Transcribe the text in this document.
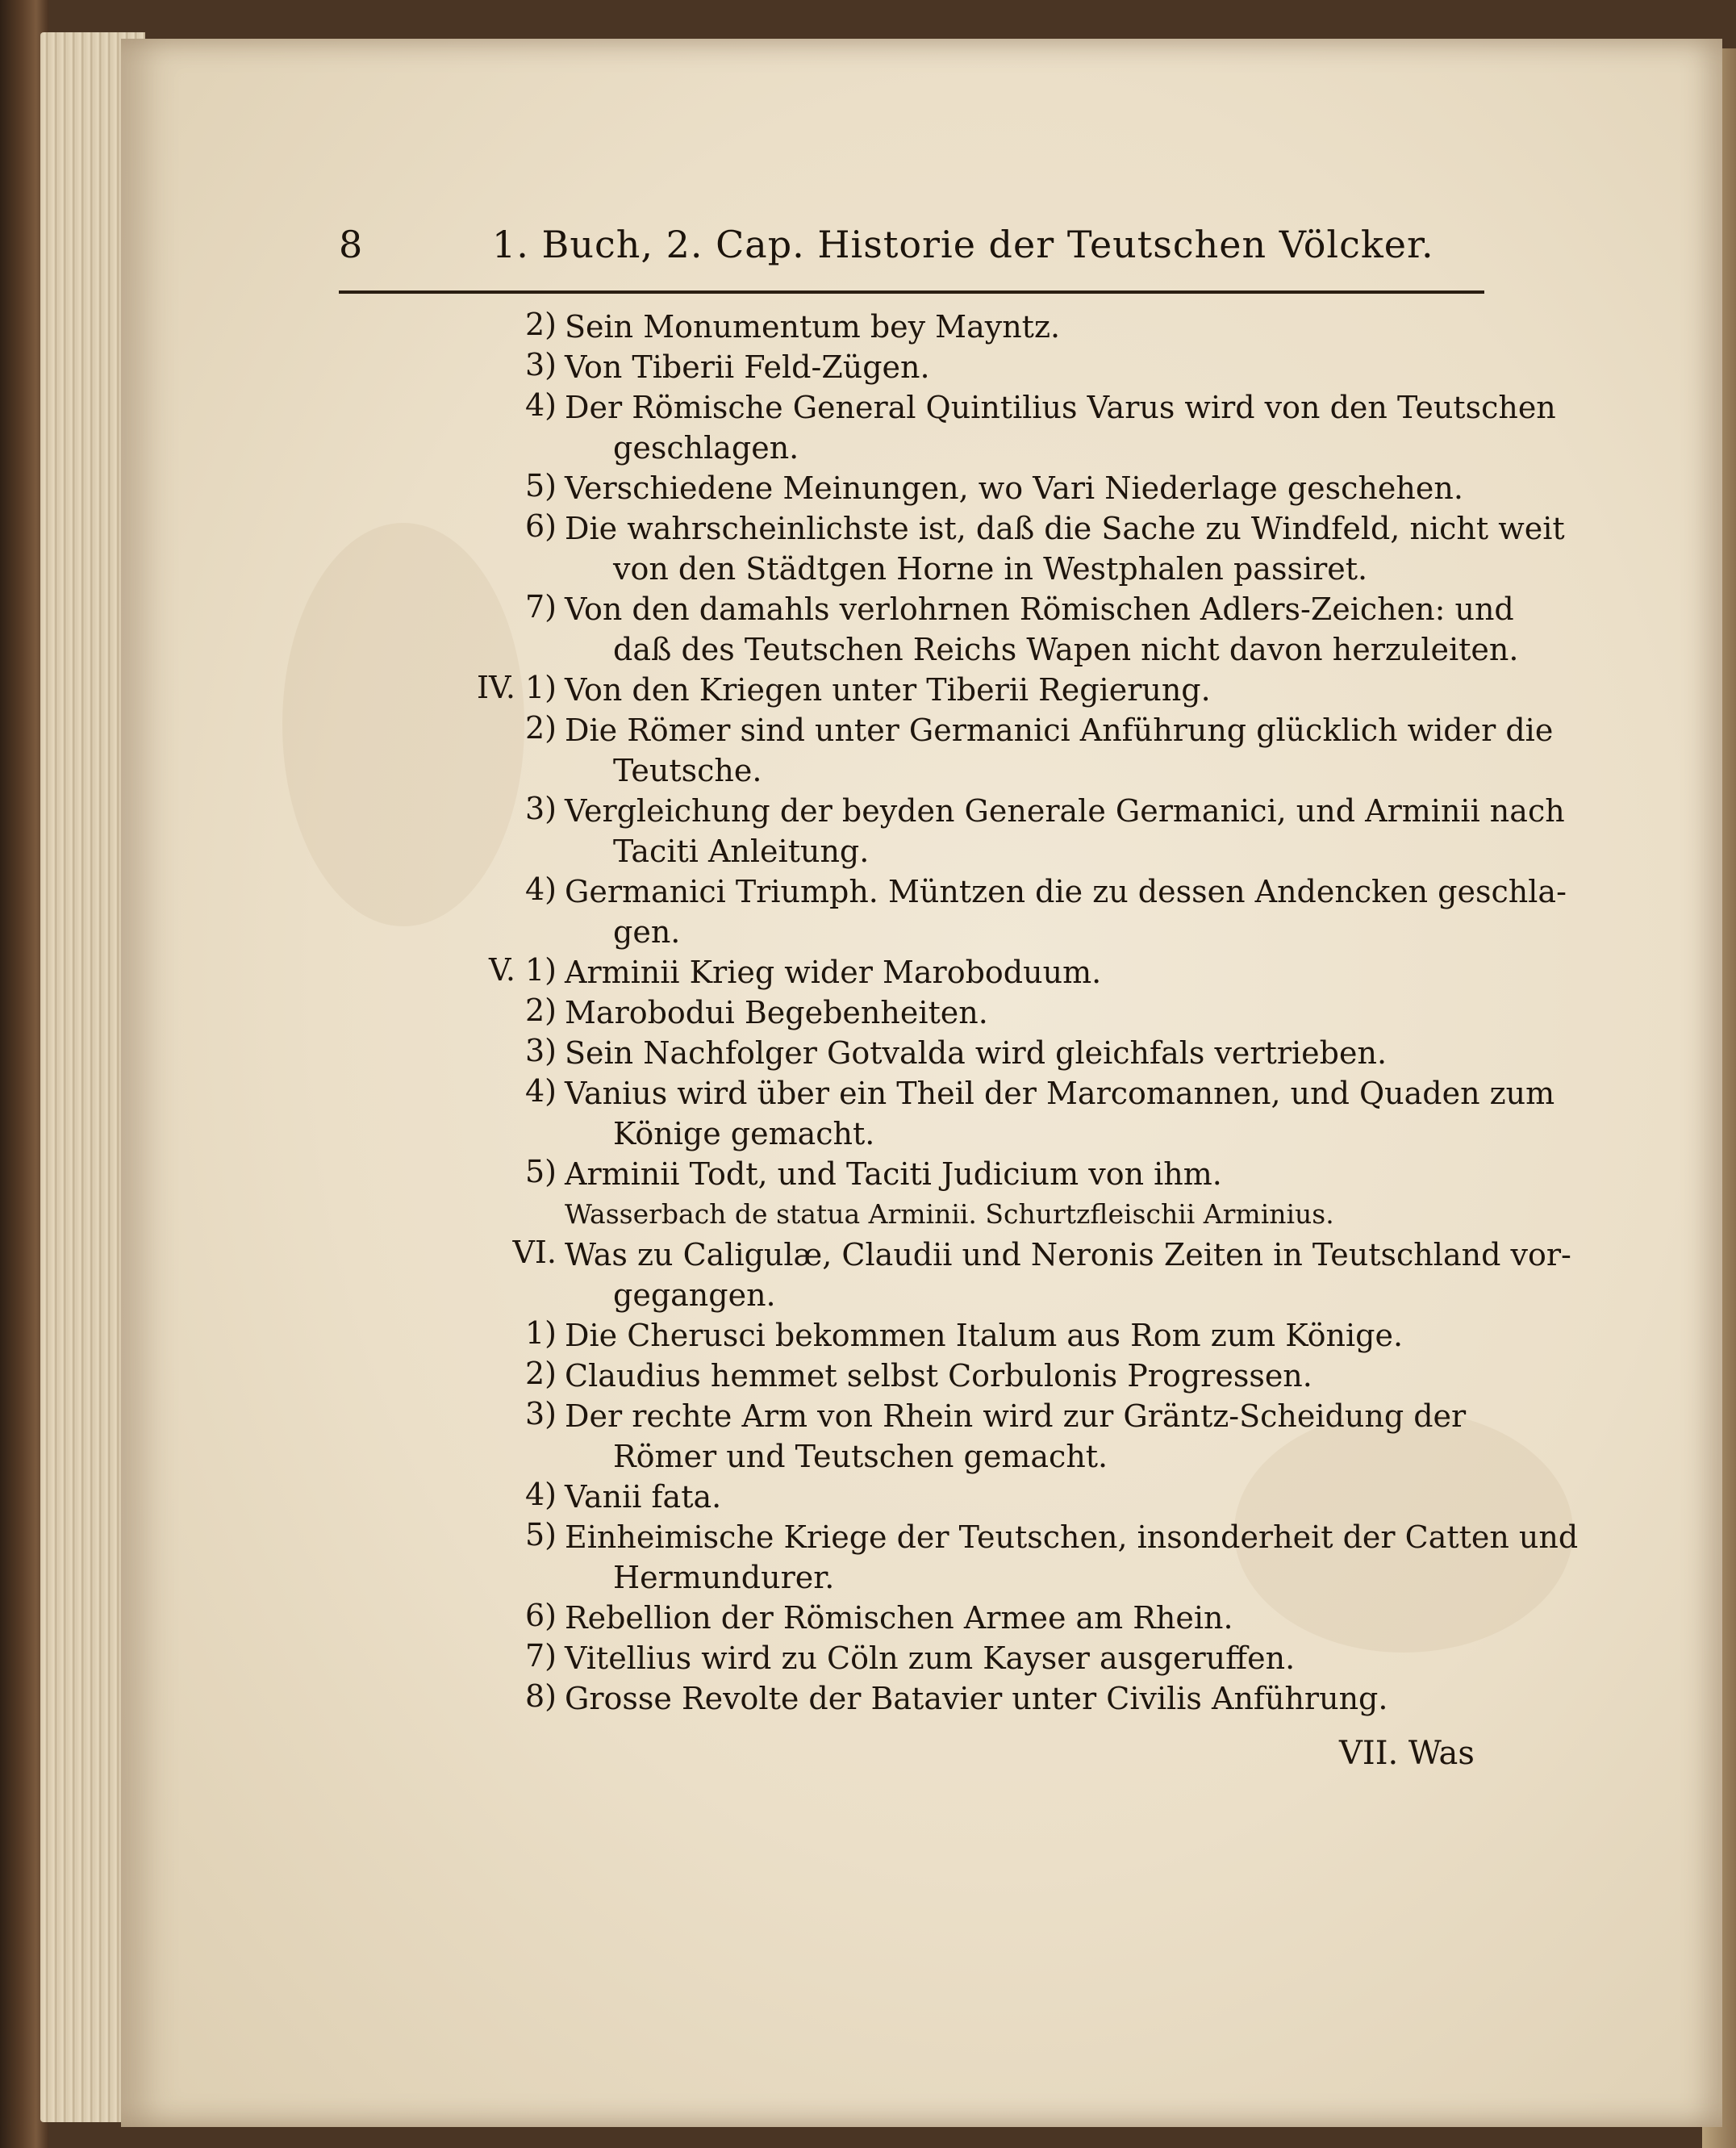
8	1. Buch, 2. Cap. Historie der Teutschen Völcker.
2) Sein Monumentum bey Mayntz.
3) Von Tiberii Feld-Zügen.
4) Der Römische General Quintilius Varus wird von den Teutschen
geschlagen.
5) Verschiedene Meinungen, wo Vari Niederlage geschehen.
6) Die wahrscheinlichste ist, daß die Sache zu Windfeld, nicht weit
von den Städtgen Horne in Westphalen passiret.
7) Von den damahls verlohrnen Römischen Adlers-Zeichen: und
daß des Teutschen Reichs Wapen nicht davon herzuleiten.
IV. 1) Von den Kriegen unter Tiberii Regierung.
2) Die Römer sind unter Germanici Anführung glücklich wider die
Teutsche.
3) Vergleichung der beyden Generale Germanici, und Arminii nach
Taciti Anleitung.
4) Germanici Triumph. Müntzen die zu dessen Andencken geschla-
gen.
V. 1) Arminii Krieg wider Maroboduum.
2) Marobodui Begebenheiten.
3) Sein Nachfolger Gotvalda wird gleichfals vertrieben.
4) Vanius wird über ein Theil der Marcomannen, und Quaden zum
Könige gemacht.
5) Arminii Todt, und Taciti Judicium von ihm.
Wasserbach de statua Arminii. Schurtzfleischii Arminius.
VI. Was zu Caligulæ, Claudii und Neronis Zeiten in Teutschland vor-
gegangen.
1) Die Cherusci bekommen Italum aus Rom zum Könige.
2) Claudius hemmet selbst Corbulonis Progressen.
3) Der rechte Arm von Rhein wird zur Gräntz-Scheidung der
Römer und Teutschen gemacht.
4) Vanii fata.
5) Einheimische Kriege der Teutschen, insonderheit der Catten und
Hermundurer.
6) Rebellion der Römischen Armee am Rhein.
7) Vitellius wird zu Cöln zum Kayser ausgeruffen.
8) Grosse Revolte der Batavier unter Civilis Anführung.
VII. Was
